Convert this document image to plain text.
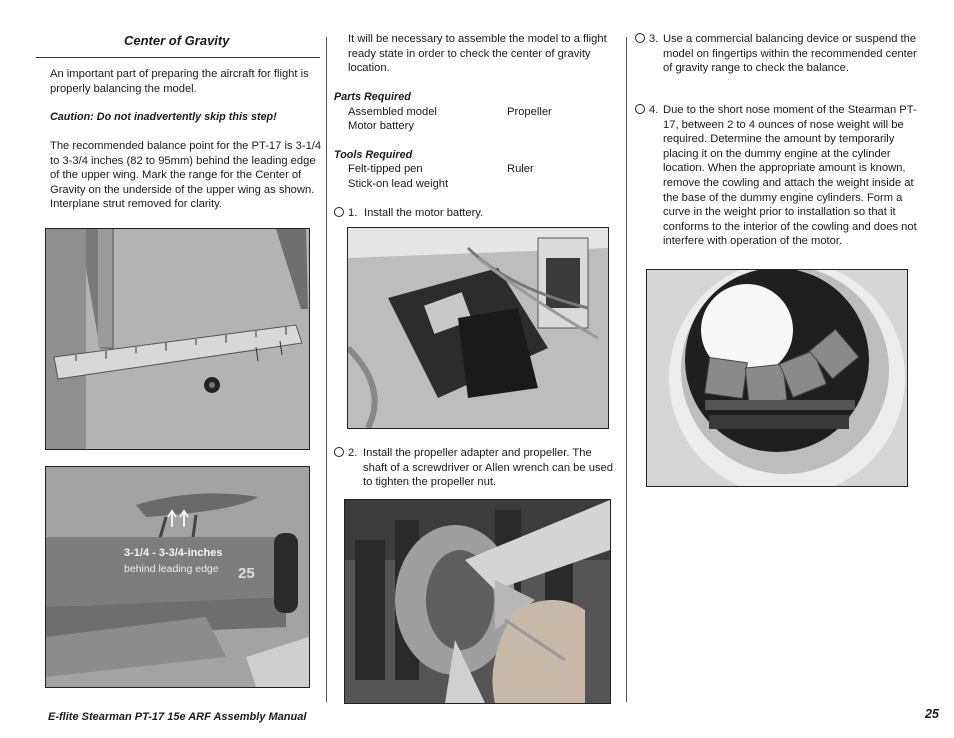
Center of Gravity
An important part of preparing the aircraft for flight is properly balancing the model.
Caution: Do not inadvertently skip this step!
The recommended balance point for the PT-17 is 3-1/4 to 3-3/4 inches (82 to 95mm) behind the leading edge of the upper wing. Mark the range for the Center of Gravity on the underside of the upper wing as shown. Interplane strut removed for clarity.
3-1/4 - 3-3/4-inches
behind leading edge 25
It will be necessary to assemble the model to a flight ready state in order to check the center of gravity location.
Parts Required
Assembled model	Propeller
Motor battery
Tools Required
Felt-tipped pen	Ruler
Stick-on lead weight
1. Install the motor battery.
2. Install the propeller adapter and propeller. The shaft of a screwdriver or Allen wrench can be used to tighten the propeller nut.
3. Use a commercial balancing device or suspend the model on fingertips within the recommended center of gravity range to check the balance.
4. Due to the short nose moment of the Stearman PT-17, between 2 to 4 ounces of nose weight will be required. Determine the amount by temporarily placing it on the dummy engine at the cylinder location. When the appropriate amount is known, remove the cowling and attach the weight inside at the base of the dummy engine cylinders. Form a curve in the weight prior to installation so that it conforms to the interior of the cowling and does not interfere with operation of the motor.
E-flite Stearman PT-17 15e ARF Assembly Manual	25
